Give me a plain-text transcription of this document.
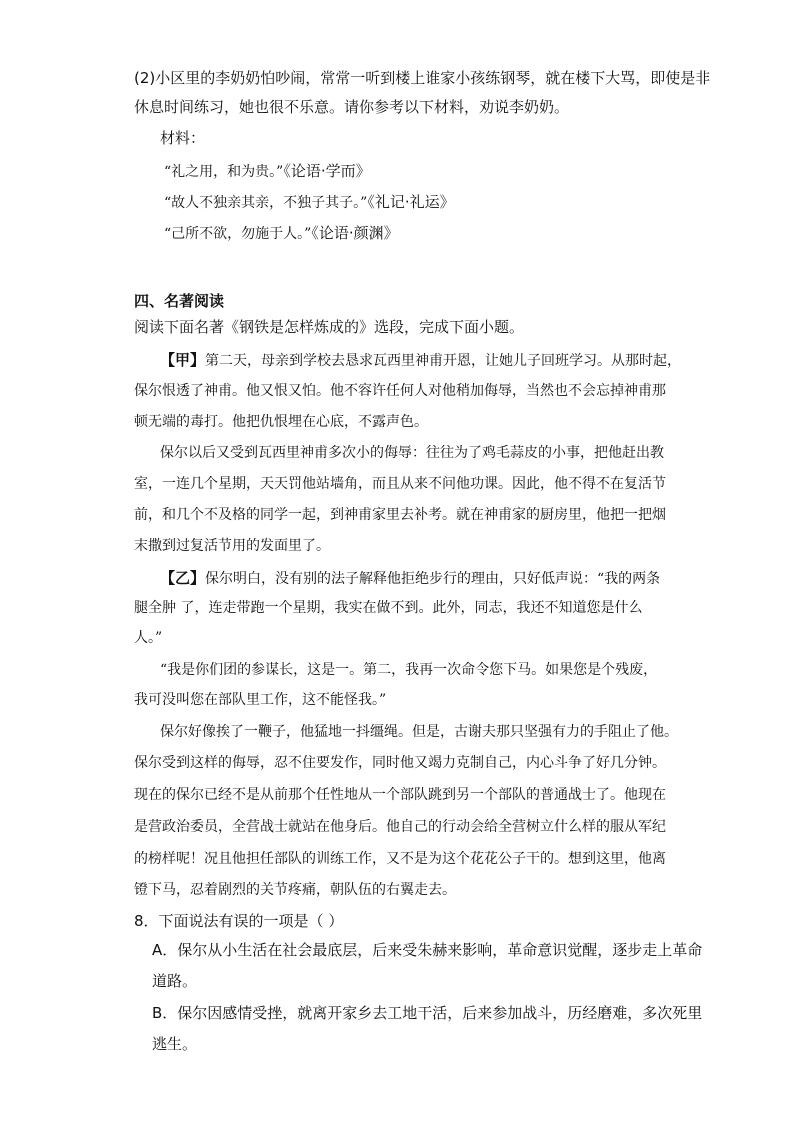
(2)小区里的李奶奶怕吵闹，常常一听到楼上谁家小孩练钢琴，就在楼下大骂，即使是非
休息时间练习，她也很不乐意。请你参考以下材料，劝说李奶奶。
材料：
“礼之用，和为贵。”《论语·学而》
“故人不独亲其亲，不独子其子。”《礼记·礼运》
“己所不欲，勿施于人。”《论语·颜渊》
四、名著阅读
阅读下面名著《钢铁是怎样炼成的》选段，完成下面小题。
【甲】第二天，母亲到学校去恳求瓦西里神甫开恩，让她儿子回班学习。从那时起，
保尔恨透了神甫。他又恨又怕。他不容许任何人对他稍加侮辱，当然也不会忘掉神甫那
顿无端的毒打。他把仇恨埋在心底，不露声色。
保尔以后又受到瓦西里神甫多次小的侮辱：往往为了鸡毛蒜皮的小事，把他赶出教
室，一连几个星期，天天罚他站墙角，而且从来不问他功课。因此，他不得不在复活节
前，和几个不及格的同学一起，到神甫家里去补考。就在神甫家的厨房里，他把一把烟
末撒到过复活节用的发面里了。
【乙】保尔明白，没有别的法子解释他拒绝步行的理由，只好低声说：“我的两条
腿全肿 了，连走带跑一个星期，我实在做不到。此外，同志，我还不知道您是什么
人。”
“我是你们团的参谋长，这是一。第二，我再一次命令您下马。如果您是个残废，
我可没叫您在部队里工作，这不能怪我。”
保尔好像挨了一鞭子，他猛地一抖缰绳。但是，古谢夫那只坚强有力的手阻止了他。
保尔受到这样的侮辱，忍不住要发作，同时他又竭力克制自己，内心斗争了好几分钟。
现在的保尔已经不是从前那个任性地从一个部队跳到另一个部队的普通战士了。他现在
是营政治委员，全营战士就站在他身后。他自己的行动会给全营树立什么样的服从军纪
的榜样呢！况且他担任部队的训练工作，又不是为这个花花公子干的。想到这里，他离
镫下马，忍着剧烈的关节疼痛，朝队伍的右翼走去。
8．下面说法有误的一项是（ ）
A．保尔从小生活在社会最底层，后来受朱赫来影响，革命意识觉醒，逐步走上革命
道路。
B．保尔因感情受挫，就离开家乡去工地干活，后来参加战斗，历经磨难，多次死里
逃生。
